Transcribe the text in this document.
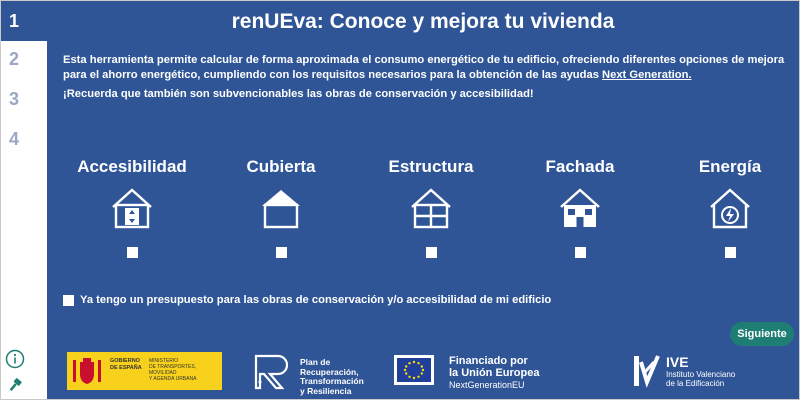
1
2
3
4
renUEva: Conoce y mejora tu vivienda
Esta herramienta permite calcular de forma aproximada el consumo energético de tu edificio, ofreciendo diferentes opciones de mejora para el ahorro energético, cumpliendo con los requisitos necesarios para la obtención de las ayudas Next Generation.
¡Recuerda que también son subvencionables las obras de conservación y accesibilidad!
Accesibilidad	Cubierta	Estructura	Fachada	Energía
Ya tengo un presupuesto para las obras de conservación y/o accesibilidad de mi edificio
Siguiente
GOBIERNO
DE ESPAÑA
MINISTERIO
DE TRANSPORTES, MOVILIDAD
Y AGENDA URBANA
Plan de
Recuperación,
Transformación
y Resiliencia
Financiado por
la Unión Europea
NextGenerationEU
IVE
Instituto Valenciano
de la Edificación
